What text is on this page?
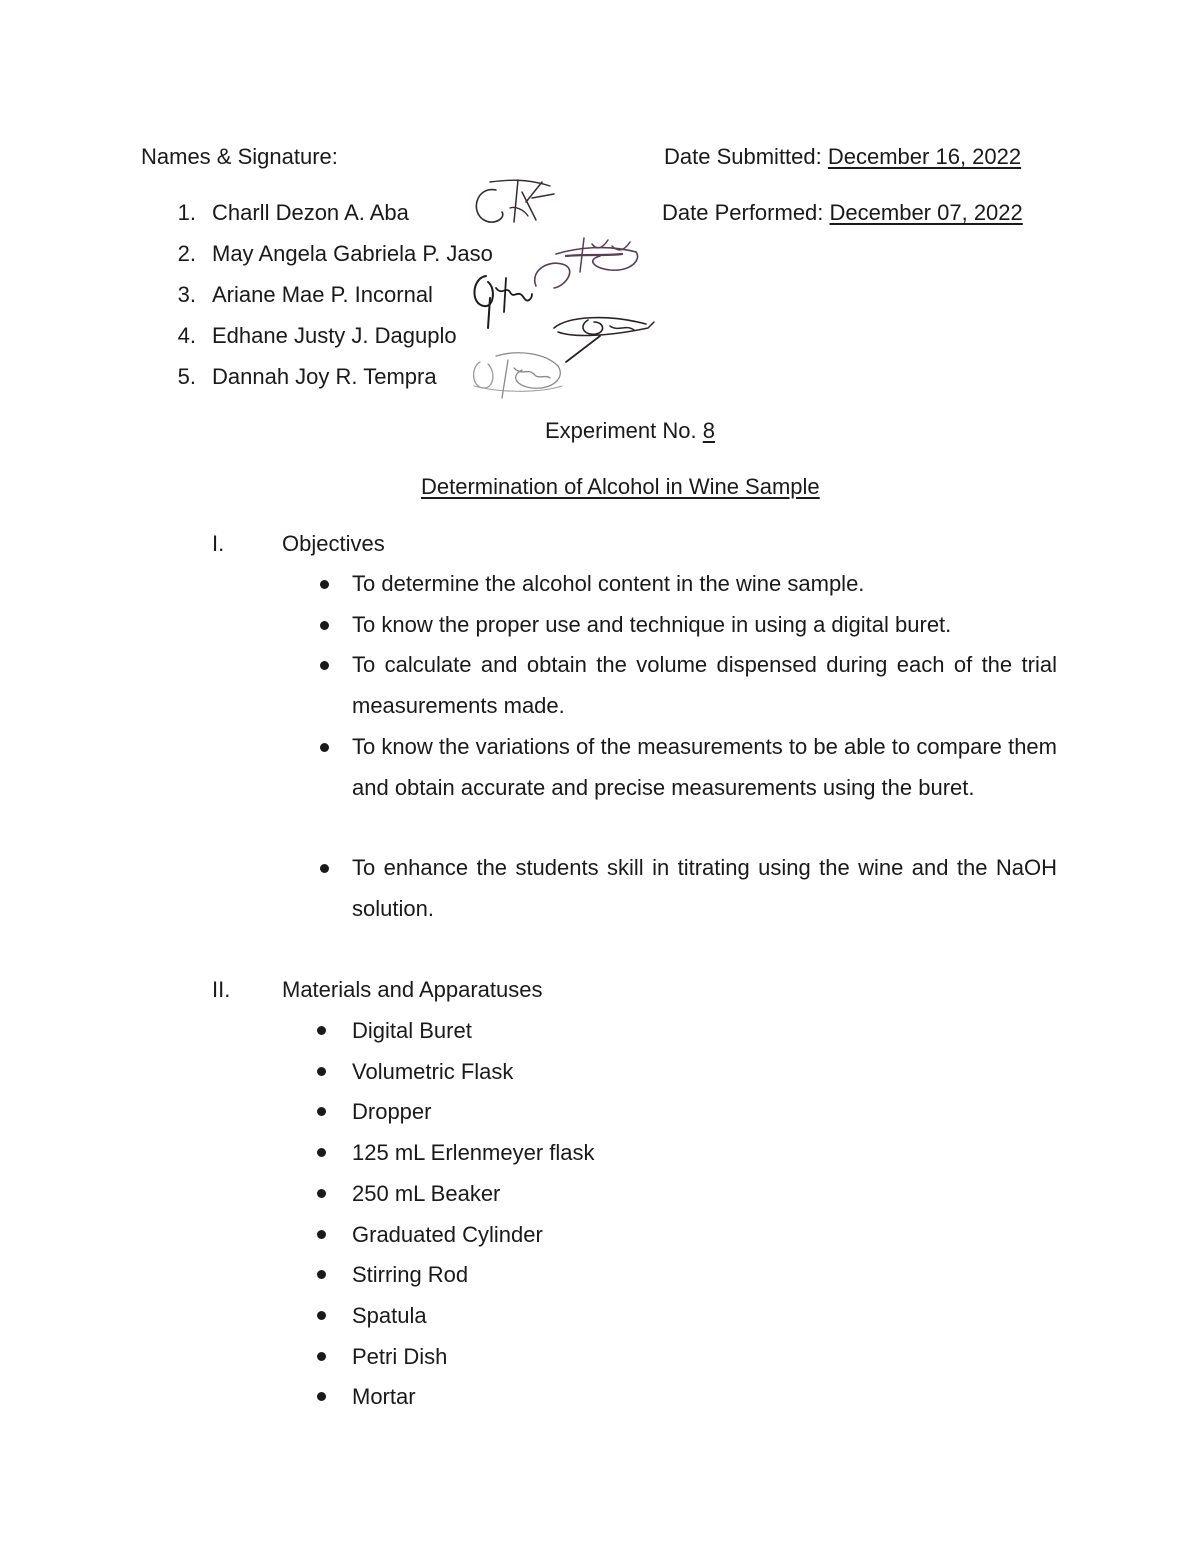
Names & Signature:	Date Submitted: December 16, 2022
Date Performed: December 07, 2022
1. Charll Dezon A. Aba
2. May Angela Gabriela P. Jaso
3. Ariane Mae P. Incornal
4. Edhane Justy J. Daguplo
5. Dannah Joy R. Tempra
Experiment No. 8
Determination of Alcohol in Wine Sample
I.	Objectives
To determine the alcohol content in the wine sample.
To know the proper use and technique in using a digital buret.
To calculate and obtain the volume dispensed during each of the trial
measurements made.
To know the variations of the measurements to be able to compare them
and obtain accurate and precise measurements using the buret.
To enhance the students skill in titrating using the wine and the NaOH
solution.
II. Materials and Apparatuses
Digital Buret
Volumetric Flask
Dropper
125 mL Erlenmeyer flask
250 mL Beaker
Graduated Cylinder
Stirring Rod
Spatula
Petri Dish
Mortar
